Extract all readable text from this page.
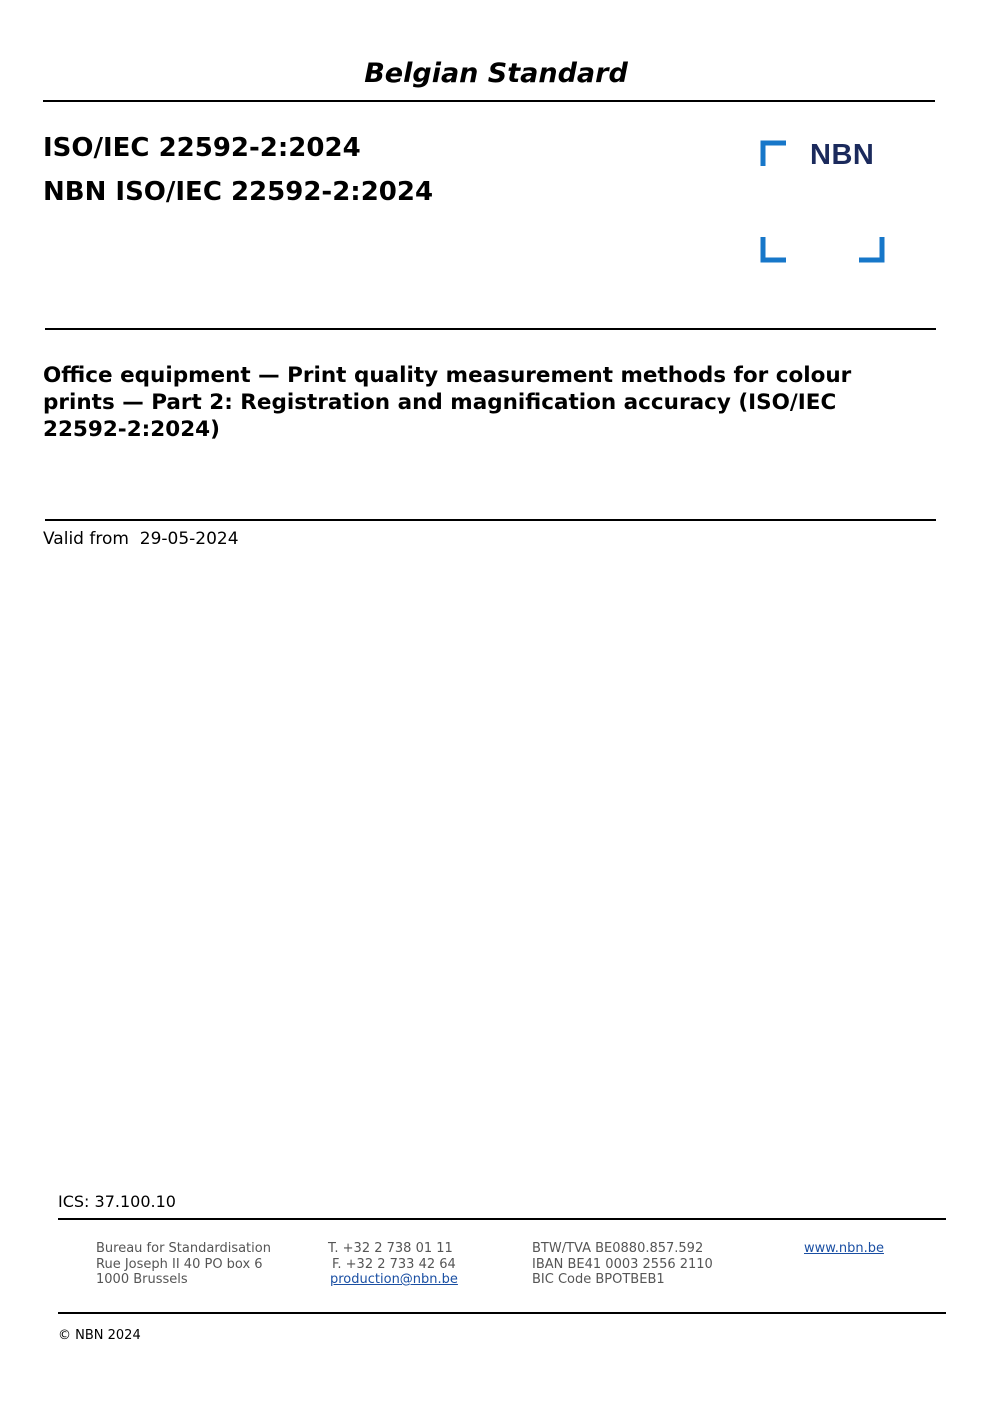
Belgian Standard
ISO/IEC 22592-2:2024
NBN ISO/IEC 22592-2:2024
NBN
Office equipment — Print quality measurement methods for colour prints — Part 2: Registration and magnification accuracy (ISO/IEC 22592-2:2024)
Valid from 29-05-2024
ICS: 37.100.10
Bureau for Standardisation
Rue Joseph II 40 PO box 6
1000 Brussels
T. +32 2 738 01 11
F. +32 2 733 42 64
production@nbn.be
BTW/TVA BE0880.857.592
IBAN BE41 0003 2556 2110
BIC Code BPOTBEB1
www.nbn.be
© NBN 2024
